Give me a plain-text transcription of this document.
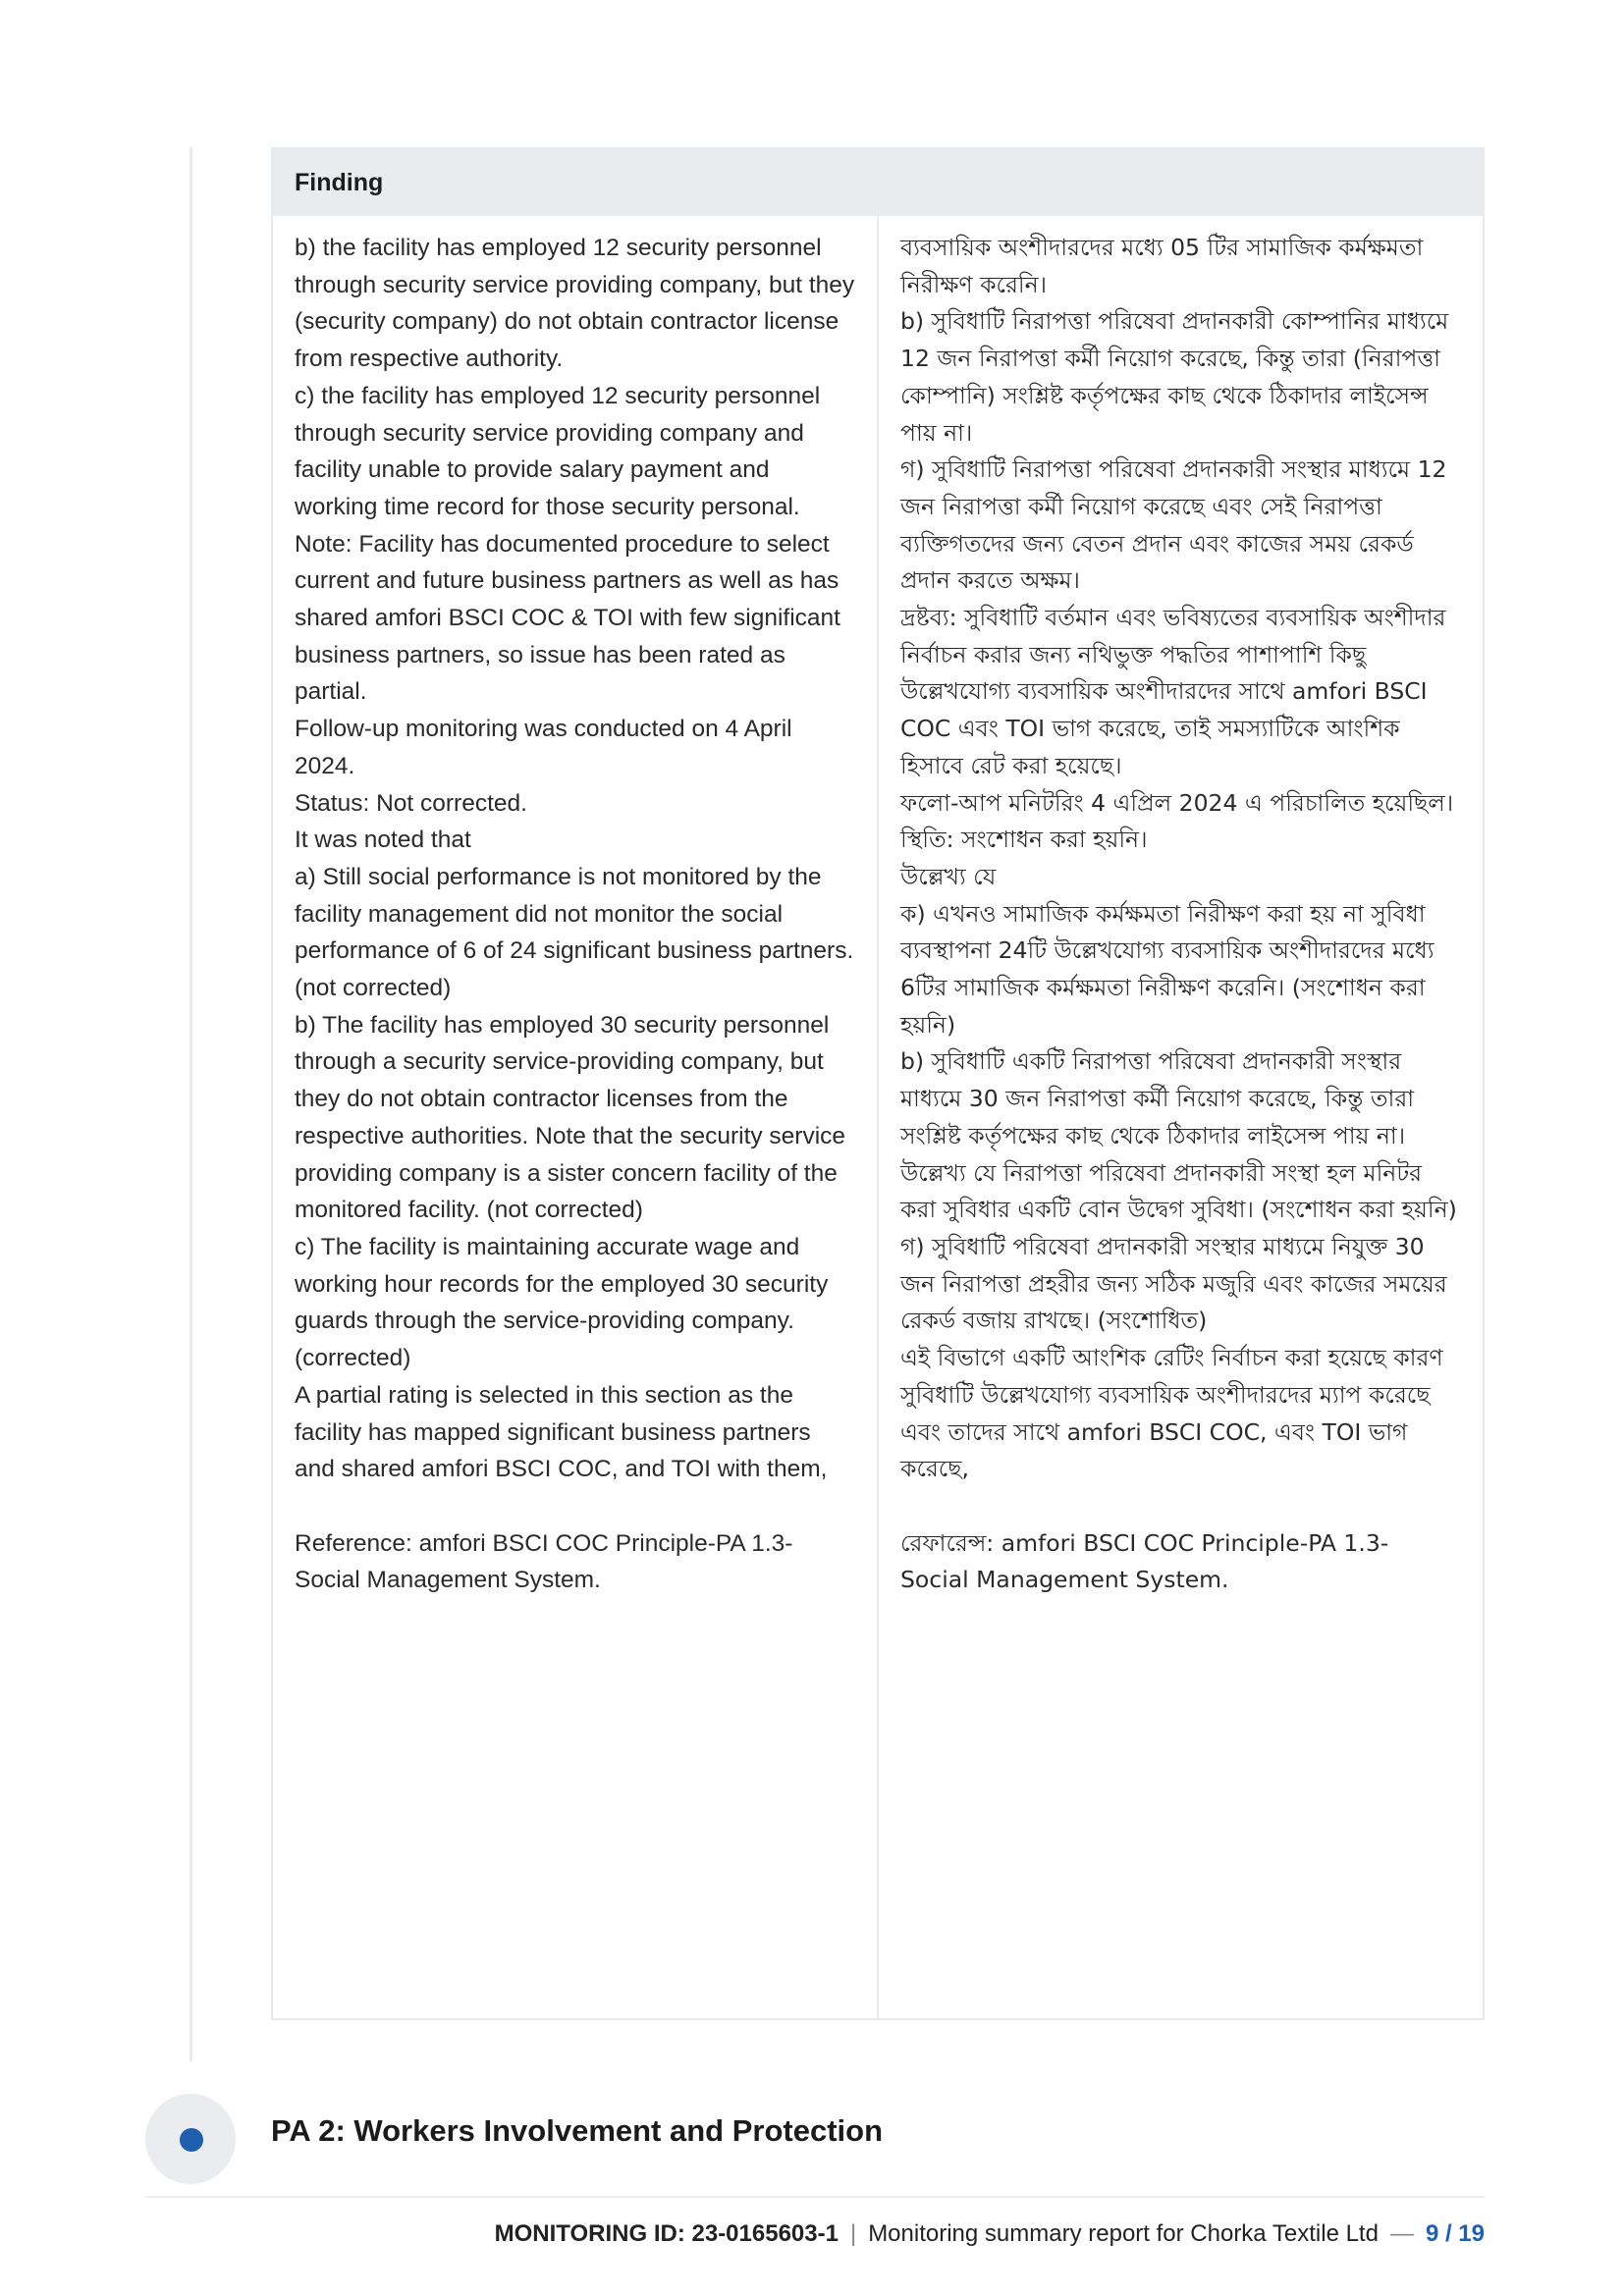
Finding

b) the facility has employed 12 security personnel through security service providing company, but they (security company) do not obtain contractor license from respective authority.

c) the facility has employed 12 security personnel through security service providing company and facility unable to provide salary payment and working time record for those security personal.

Note: Facility has documented procedure to select current and future business partners as well as has shared amfori BSCI COC & TOI with few significant business partners, so issue has been rated as partial.

Follow-up monitoring was conducted on 4 April 2024.

Status: Not corrected.

It was noted that

a) Still social performance is not monitored by the facility management did not monitor the social performance of 6 of 24 significant business partners. (not corrected)

b) The facility has employed 30 security personnel through a security service-providing company, but they do not obtain contractor licenses from the respective authorities. Note that the security service providing company is a sister concern facility of the monitored facility. (not corrected)

c) The facility is maintaining accurate wage and working hour records for the employed 30 security guards through the service-providing company. (corrected)

A partial rating is selected in this section as the facility has mapped significant business partners and shared amfori BSCI COC, and TOI with them,

Reference: amfori BSCI COC Principle-PA 1.3- Social Management System.

ব্যবসায়িক অংশীদারদের মধ্যে 05 টির সামাজিক কর্মক্ষমতা নিরীক্ষণ করেনি।

b) সুবিধাটি নিরাপত্তা পরিষেবা প্রদানকারী কোম্পানির মাধ্যমে 12 জন নিরাপত্তা কর্মী নিয়োগ করেছে, কিন্তু তারা (নিরাপত্তা কোম্পানি) সংশ্লিষ্ট কর্তৃপক্ষের কাছ থেকে ঠিকাদার লাইসেন্স পায় না।

গ) সুবিধাটি নিরাপত্তা পরিষেবা প্রদানকারী সংস্থার মাধ্যমে 12 জন নিরাপত্তা কর্মী নিয়োগ করেছে এবং সেই নিরাপত্তা ব্যক্তিগতদের জন্য বেতন প্রদান এবং কাজের সময় রেকর্ড প্রদান করতে অক্ষম।

দ্রষ্টব্য: সুবিধাটি বর্তমান এবং ভবিষ্যতের ব্যবসায়িক অংশীদার নির্বাচন করার জন্য নথিভুক্ত পদ্ধতির পাশাপাশি কিছু উল্লেখযোগ্য ব্যবসায়িক অংশীদারদের সাথে amfori BSCI COC এবং TOI ভাগ করেছে, তাই সমস্যাটিকে আংশিক হিসাবে রেট করা হয়েছে।

ফলো-আপ মনিটরিং 4 এপ্রিল 2024 এ পরিচালিত হয়েছিল।

স্থিতি: সংশোধন করা হয়নি।

উল্লেখ্য যে

ক) এখনও সামাজিক কর্মক্ষমতা নিরীক্ষণ করা হয় না সুবিধা ব্যবস্থাপনা 24টি উল্লেখযোগ্য ব্যবসায়িক অংশীদারদের মধ্যে 6টির সামাজিক কর্মক্ষমতা নিরীক্ষণ করেনি। (সংশোধন করা হয়নি)

b) সুবিধাটি একটি নিরাপত্তা পরিষেবা প্রদানকারী সংস্থার মাধ্যমে 30 জন নিরাপত্তা কর্মী নিয়োগ করেছে, কিন্তু তারা সংশ্লিষ্ট কর্তৃপক্ষের কাছ থেকে ঠিকাদার লাইসেন্স পায় না। উল্লেখ্য যে নিরাপত্তা পরিষেবা প্রদানকারী সংস্থা হল মনিটর করা সুবিধার একটি বোন উদ্বেগ সুবিধা। (সংশোধন করা হয়নি)

গ) সুবিধাটি পরিষেবা প্রদানকারী সংস্থার মাধ্যমে নিযুক্ত 30 জন নিরাপত্তা প্রহরীর জন্য সঠিক মজুরি এবং কাজের সময়ের রেকর্ড বজায় রাখছে। (সংশোধিত)

এই বিভাগে একটি আংশিক রেটিং নির্বাচন করা হয়েছে কারণ সুবিধাটি উল্লেখযোগ্য ব্যবসায়িক অংশীদারদের ম্যাপ করেছে এবং তাদের সাথে amfori BSCI COC, এবং TOI ভাগ করেছে,

রেফারেন্স: amfori BSCI COC Principle-PA 1.3- Social Management System.

PA 2: Workers Involvement and Protection
MONITORING ID: 23-0165603-1 | Monitoring summary report for Chorka Textile Ltd — 9 / 19
